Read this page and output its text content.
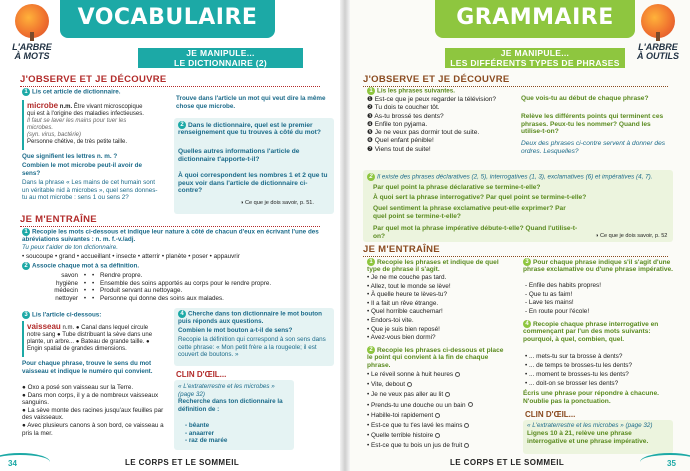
L'ARBRE
À MOTS
VOCABULAIRE
JE MANIPULE...
LE DICTIONNAIRE (2)
J'OBSERVE ET JE DÉCOUVRE
1 Lis cet article de dictionnaire.
microbe n.m. Être vivant microscopique qui est à l'origine des maladies infectieuses.
Il faut se laver les mains pour tuer les microbes.
(syn. virus, bactérie)
Personne chétive, de très petite taille.
Que signifient les lettres n. m. ?
Combien le mot microbe peut-il avoir de sens?
Dans la phrase « Les mains de cet humain sont un véritable nid à microbes », quel sens donnes-tu au mot microbe : sens 1 ou sens 2?
Trouve dans l'article un mot qui veut dire la même chose que microbe.
2 Dans le dictionnaire, quel est le premier renseignement que tu trouves à côté du mot?
Quelles autres informations l'article de dictionnaire t'apporte-t-il?
À quoi correspondent les nombres 1 et 2 que tu peux voir dans l'article de dictionnaire ci-contre?
◑ Ce que je dois savoir, p. 51.
JE M'ENTRAÎNE
1 Recopie les mots ci-dessous et indique leur nature à côté de chacun d'eux en écrivant l'une des abréviations suivantes : n. m. f.-v./adj.
Tu peux t'aider de ton dictionnaire.
• soucoupe • grand • accueillant • insecte • atterrir • planète • poser • appauvrir
2 Associe chaque mot à sa définition.
savon • • Rendre propre.
hygiène • • Ensemble des soins apportés au corps pour le rendre propre.
médecin • • Produit servant au nettoyage.
nettoyer • • Personne qui donne des soins aux malades.
3 Lis l'article ci-dessous:
vaisseau n.m. ● Canal dans lequel circule notre sang ● Tube distribuant la sève dans une plante, un arbre... ● Bateau de grande taille. ● Engin spatial de grandes dimensions.
Pour chaque phrase, trouve le sens du mot vaisseau et indique le numéro qui convient.
● Oxo a posé son vaisseau sur la Terre.
● Dans mon corps, il y a de nombreux vaisseaux sanguins.
● La sève monte des racines jusqu'aux feuilles par des vaisseaux.
● Avec plusieurs canons à son bord, ce vaisseau a pris la mer.
4 Cherche dans ton dictionnaire le mot bouton puis réponds aux questions.
Combien le mot bouton a-t-il de sens?
Recopie la définition qui correspond à son sens dans cette phrase: « Mon petit frère a la rougeole; il est couvert de boutons. »
CLIN D'ŒIL...
« L'extraterrestre et les microbes » (page 32)
Recherche dans ton dictionnaire la définition de :
- bêante
- anaarrer
- raz de marée
34	LE CORPS ET LE SOMMEIL
GRAMMAIRE
L'ARBRE
À OUTILS
JE MANIPULE...
LES DIFFÉRENTS TYPES DE PHRASES
J'OBSERVE ET JE DÉCOUVRE
1 Lis les phrases suivantes.
❶ Est-ce que je peux regarder la télévision?
❷ Tu dois te coucher tôt.
❸ As-tu brossé tes dents?
❹ Enfile ton pyjama.
❺ Je ne veux pas dormir tout de suite.
❻ Quel enfant pénible!
❼ Viens tout de suite!
Que vois-tu au début de chaque phrase?
Relève les différents points qui terminent ces phrases. Peux-tu les nommer? Quand les utilise-t-on?
Deux des phrases ci-contre servent à donner des ordres. Lesquelles?
2 Il existe des phrases déclaratives (2, 5), interrogatives (1, 3), exclamatives (6) et impératives (4, 7).
Par quel point la phrase déclarative se termine-t-elle?
À quoi sert la phrase interrogative? Par quel point se termine-t-elle?
Quel sentiment la phrase exclamative peut-elle exprimer? Par quel point se termine-t-elle?
Par quel mot la phrase impérative débute-t-elle? Quand l'utilise-t-on?	◑ Ce que je dois savoir, p. 52
JE M'ENTRAÎNE
1 Recopie les phrases et indique de quel type de phrase il s'agit.
• Je ne me couche pas tard.
• Allez, tout le monde se lève!
• À quelle heure te lèves-tu?
• Il a fait un rêve étrange.
• Quel horrible cauchemar!
• Endors-toi vite.
• Que je suis bien reposé!
• Avez-vous bien dormi?
2 Recopie les phrases ci-dessous et place le point qui convient à la fin de chaque phrase.
• Le réveil sonne à huit heures
• Vite, debout
• Je ne veux pas aller au lit
• Prends-tu une douche ou un bain
• Habille-toi rapidement
• Est-ce que tu t'es lavé les mains
• Quelle terrible histoire
• Est-ce que tu bois un jus de fruit
3 Pour chaque phrase indique s'il s'agit d'une phrase exclamative ou d'une phrase impérative.
- Enfile des habits propres!
- Que tu as faim!
- Lave tes mains!
- En route pour l'école!
4 Recopie chaque phrase interrogative en commençant par l'un des mots suivants: pourquoi, à quel, combien, quel.
• ... mets-tu sur ta brosse à dents?
• ... de temps te brosses-tu les dents?
• ... moment te brosses-tu les dents?
• ... doit-on se brosser les dents?
Écris une phrase pour répondre à chacune. N'oublie pas la ponctuation.
CLIN D'ŒIL...
« L'extraterrestre et les microbes » (page 32)
Lignes 10 à 21, relève une phrase interrogative et une phrase impérative.
LE CORPS ET LE SOMMEIL	35
